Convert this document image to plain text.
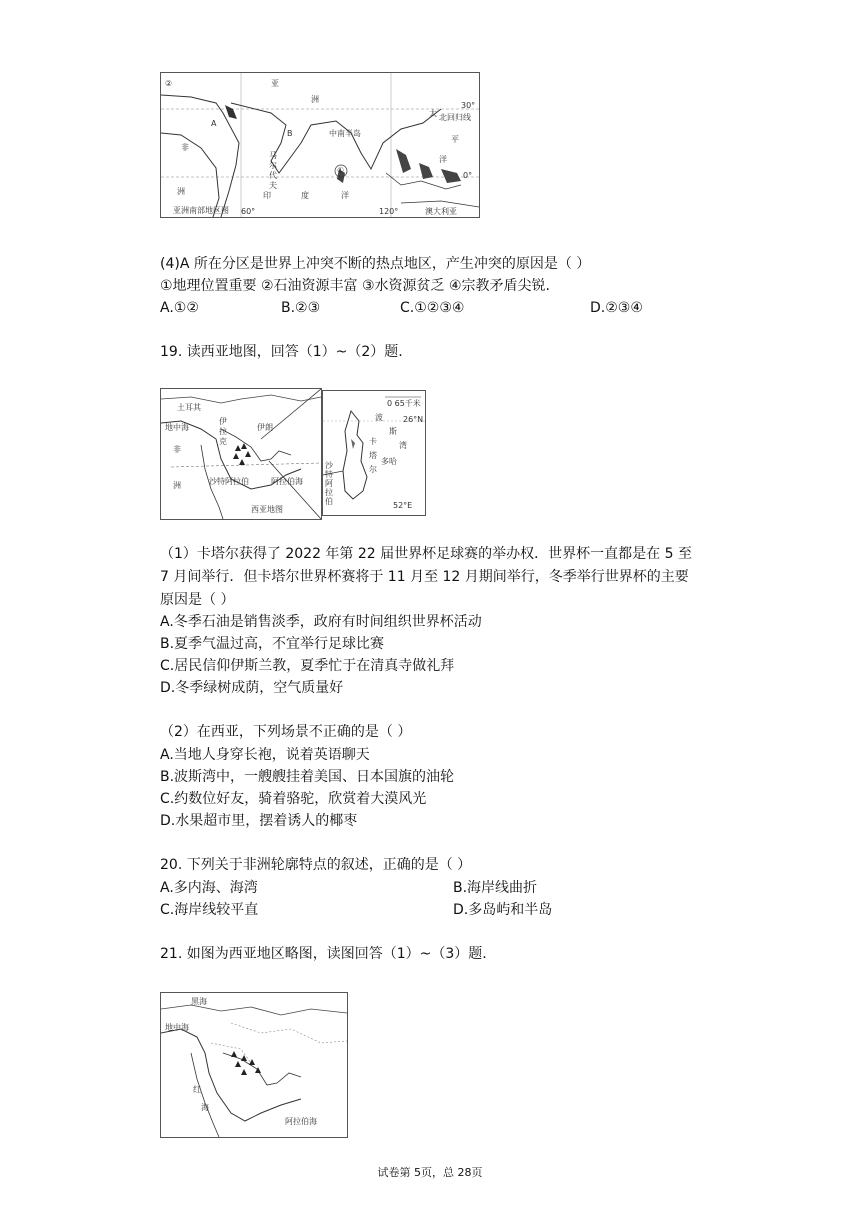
②	亚
洲
30°
太 北回归线
A
B	中南半岛
平
非
洋
马
尔
代
夫
①
0°
洲	印	度	洋
亚洲南部地区图 60°	120°	澳大利亚
(4)A 所在分区是世界上冲突不断的热点地区，产生冲突的原因是（ ）
①地理位置重要 ②石油资源丰富 ③水资源贫乏 ④宗教矛盾尖锐.
A.①②	B.②③	C.①②③④	D.②③④
19. 读西亚地图，回答（1）~（2）题.
土耳其
地中海
伊
拉
克
伊朗
非
沙特阿拉伯
洲	阿拉伯海
西亚地图
0 65千米
波	26°N
斯
卡	湾
塔
尔
多哈
沙特阿拉伯	52°E
（1）卡塔尔获得了 2022 年第 22 届世界杯足球赛的举办权．世界杯一直都是在 5 至
7 月间举行．但卡塔尔世界杯赛将于 11 月至 12 月期间举行，冬季举行世界杯的主要
原因是（ ）
A.冬季石油是销售淡季，政府有时间组织世界杯活动
B.夏季气温过高，不宜举行足球比赛
C.居民信仰伊斯兰教，夏季忙于在清真寺做礼拜
D.冬季绿树成荫，空气质量好
（2）在西亚，下列场景不正确的是（ ）
A.当地人身穿长袍，说着英语聊天
B.波斯湾中，一艘艘挂着美国、日本国旗的油轮
C.约数位好友，骑着骆驼，欣赏着大漠风光
D.水果超市里，摆着诱人的椰枣
20. 下列关于非洲轮廓特点的叙述，正确的是（ ）
A.多内海、海湾	B.海岸线曲折
C.海岸线较平直	D.多岛屿和半岛
21. 如图为西亚地区略图，读图回答（1）~（3）题.
黑海
地中海
红
海
阿拉伯海
试卷第 5页，总 28页
